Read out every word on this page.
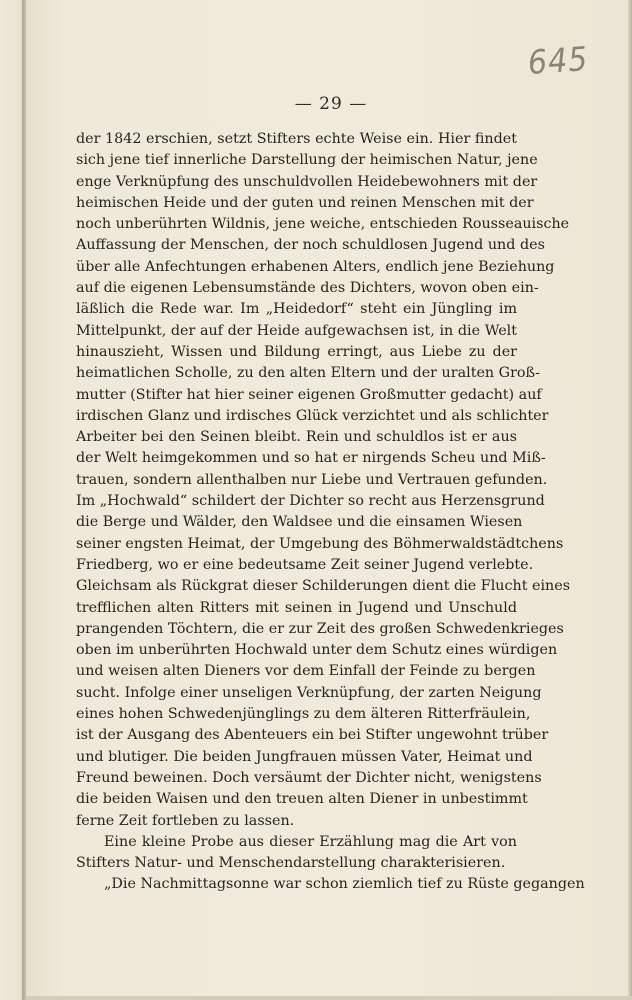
645
— 29 —
der 1842 erschien, setzt Stifters echte Weise ein. Hier findet
sich jene tief innerliche Darstellung der heimischen Natur, jene
enge Verknüpfung des unschuldvollen Heidebewohners mit der
heimischen Heide und der guten und reinen Menschen mit der
noch unberührten Wildnis, jene weiche, entschieden Rousseauische
Auffassung der Menschen, der noch schuldlosen Jugend und des
über alle Anfechtungen erhabenen Alters, endlich jene Beziehung
auf die eigenen Lebensumstände des Dichters, wovon oben ein-
läßlich die Rede war. Im „Heidedorf“ steht ein Jüngling im
Mittelpunkt, der auf der Heide aufgewachsen ist, in die Welt
hinauszieht, Wissen und Bildung erringt, aus Liebe zu der
heimatlichen Scholle, zu den alten Eltern und der uralten Groß-
mutter (Stifter hat hier seiner eigenen Großmutter gedacht) auf
irdischen Glanz und irdisches Glück verzichtet und als schlichter
Arbeiter bei den Seinen bleibt. Rein und schuldlos ist er aus
der Welt heimgekommen und so hat er nirgends Scheu und Miß-
trauen, sondern allenthalben nur Liebe und Vertrauen gefunden.
Im „Hochwald“ schildert der Dichter so recht aus Herzensgrund
die Berge und Wälder, den Waldsee und die einsamen Wiesen
seiner engsten Heimat, der Umgebung des Böhmerwaldstädtchens
Friedberg, wo er eine bedeutsame Zeit seiner Jugend verlebte.
Gleichsam als Rückgrat dieser Schilderungen dient die Flucht eines
trefflichen alten Ritters mit seinen in Jugend und Unschuld
prangenden Töchtern, die er zur Zeit des großen Schwedenkrieges
oben im unberührten Hochwald unter dem Schutz eines würdigen
und weisen alten Dieners vor dem Einfall der Feinde zu bergen
sucht. Infolge einer unseligen Verknüpfung, der zarten Neigung
eines hohen Schwedenjünglings zu dem älteren Ritterfräulein,
ist der Ausgang des Abenteuers ein bei Stifter ungewohnt trüber
und blutiger. Die beiden Jungfrauen müssen Vater, Heimat und
Freund beweinen. Doch versäumt der Dichter nicht, wenigstens
die beiden Waisen und den treuen alten Diener in unbestimmt
ferne Zeit fortleben zu lassen.
Eine kleine Probe aus dieser Erzählung mag die Art von
Stifters Natur- und Menschendarstellung charakterisieren.
„Die Nachmittagsonne war schon ziemlich tief zu Rüste gegangen
